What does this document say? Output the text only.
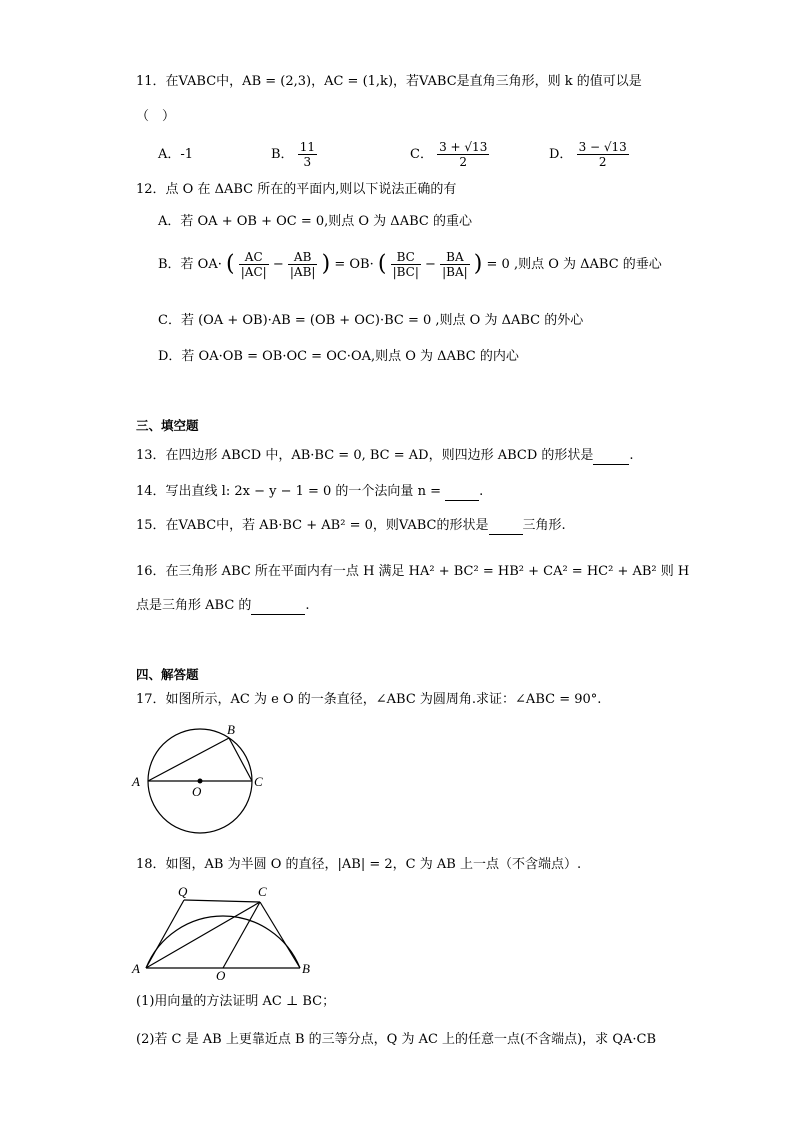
11．在VABC中，AB = (2,3)，AC = (1,k)，若VABC是直角三角形，则 k 的值可以是
（　）
A．-1	B． $\frac{11}{3}$	C． $\frac{3 + √13}{2}$	D． $\frac{3 - √13}{2}$
12．点 O 在 ΔABC 所在的平面内,则以下说法正确的有
A．若 OA + OB + OC = 0,则点 O 为 ΔABC 的重心
B．若 OA· ( $\frac{AC}{|AC|} - \frac{AB}{|AB|}$ ) = OB· ( $\frac{BC}{|BC|} - \frac{BA}{|BA|}$ ) = 0 ,则点 O 为 ΔABC 的垂心
C．若 (OA + OB)·AB = (OB + OC)·BC = 0 ,则点 O 为 ΔABC 的外心
D．若 OA·OB = OB·OC = OC·OA,则点 O 为 ΔABC 的内心
三、填空题
13．在四边形 ABCD 中，AB·BC = 0, BC = AD，则四边形 ABCD 的形状是	.
14．写出直线 l: 2x − y − 1 = 0 的一个法向量 n =	.
15．在VABC中，若 AB·BC + AB² = 0，则VABC的形状是	三角形.
16．在三角形 ABC 所在平面内有一点 H 满足 HA² + BC² = HB² + CA² = HC² + AB² 则 H
点是三角形 ABC 的	.
四、解答题
17．如图所示，AC 为 e O 的一条直径，∠ABC 为圆周角.求证：∠ABC = 90°.
A
B
C
O
18．如图，AB 为半圆 O 的直径，|AB| = 2，C 为 AB 上一点（不含端点）.
A
Q	C
O	B
(1)用向量的方法证明 AC ⊥ BC；
(2)若 C 是 AB 上更靠近点 B 的三等分点，Q 为 AC 上的任意一点(不含端点)，求 QA·CB
